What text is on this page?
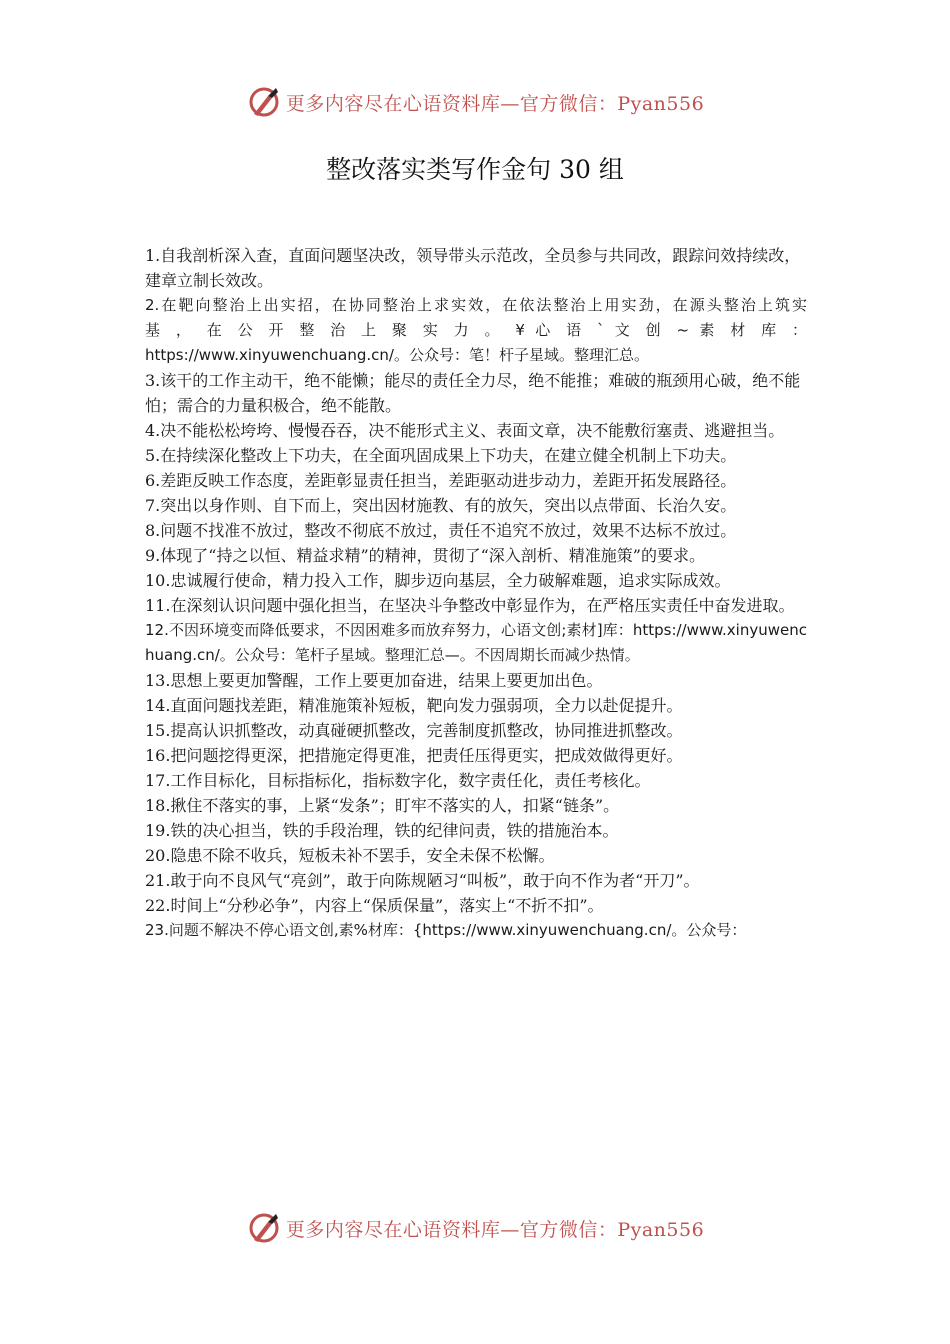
更多内容尽在心语资料库—官方微信：Pyan556
整改落实类写作金句 30 组

1.自我剖析深入查，直面问题坚决改，领导带头示范改，全员参与共同改，跟踪问效持续改，建章立制长效改。

2.在靶向整治上出实招，在协同整治上求实效，在依法整治上用实劲，在源头整治上筑实

基 ， 在 公 开 整 治 上 聚 实 力 。 ¥ 心 语 ` 文 创 ~ 素 材 库 ：

https://www.xinyuwenchuang.cn/。公众号：笔！杆子星域。整理汇总。

3.该干的工作主动干，绝不能懒；能尽的责任全力尽，绝不能推；难破的瓶颈用心破，绝不能怕；需合的力量积极合，绝不能散。

4.决不能松松垮垮、慢慢吞吞，决不能形式主义、表面文章，决不能敷衍塞责、逃避担当。

5.在持续深化整改上下功夫，在全面巩固成果上下功夫，在建立健全机制上下功夫。

6.差距反映工作态度，差距彰显责任担当，差距驱动进步动力，差距开拓发展路径。

7.突出以身作则、自下而上，突出因材施教、有的放矢，突出以点带面、长治久安。

8.问题不找准不放过，整改不彻底不放过，责任不追究不放过，效果不达标不放过。

9.体现了“持之以恒、精益求精”的精神，贯彻了“深入剖析、精准施策”的要求。

10.忠诚履行使命，精力投入工作，脚步迈向基层，全力破解难题，追求实际成效。

11.在深刻认识问题中强化担当，在坚决斗争整改中彰显作为，在严格压实责任中奋发进取。

12.不因环境变而降低要求，不因困难多而放弃努力，心语文创;素材]库：https://www.xinyuwenchuang.cn/。公众号：笔杆子星域。整理汇总—。不因周期长而减少热情。

13.思想上要更加警醒，工作上要更加奋进，结果上要更加出色。

14.直面问题找差距，精准施策补短板，靶向发力强弱项，全力以赴促提升。

15.提高认识抓整改，动真碰硬抓整改，完善制度抓整改，协同推进抓整改。

16.把问题挖得更深，把措施定得更准，把责任压得更实，把成效做得更好。

17.工作目标化，目标指标化，指标数字化，数字责任化，责任考核化。

18.揪住不落实的事，上紧“发条”；盯牢不落实的人，扣紧“链条”。

19.铁的决心担当，铁的手段治理，铁的纪律问责，铁的措施治本。

20.隐患不除不收兵，短板未补不罢手，安全未保不松懈。

21.敢于向不良风气“亮剑”，敢于向陈规陋习“叫板”，敢于向不作为者“开刀”。

22.时间上“分秒必争”，内容上“保质保量”，落实上“不折不扣”。

23.问题不解决不停心语文创,素%材库：{https://www.xinyuwenchuang.cn/。公众号：

更多内容尽在心语资料库—官方微信：Pyan556
